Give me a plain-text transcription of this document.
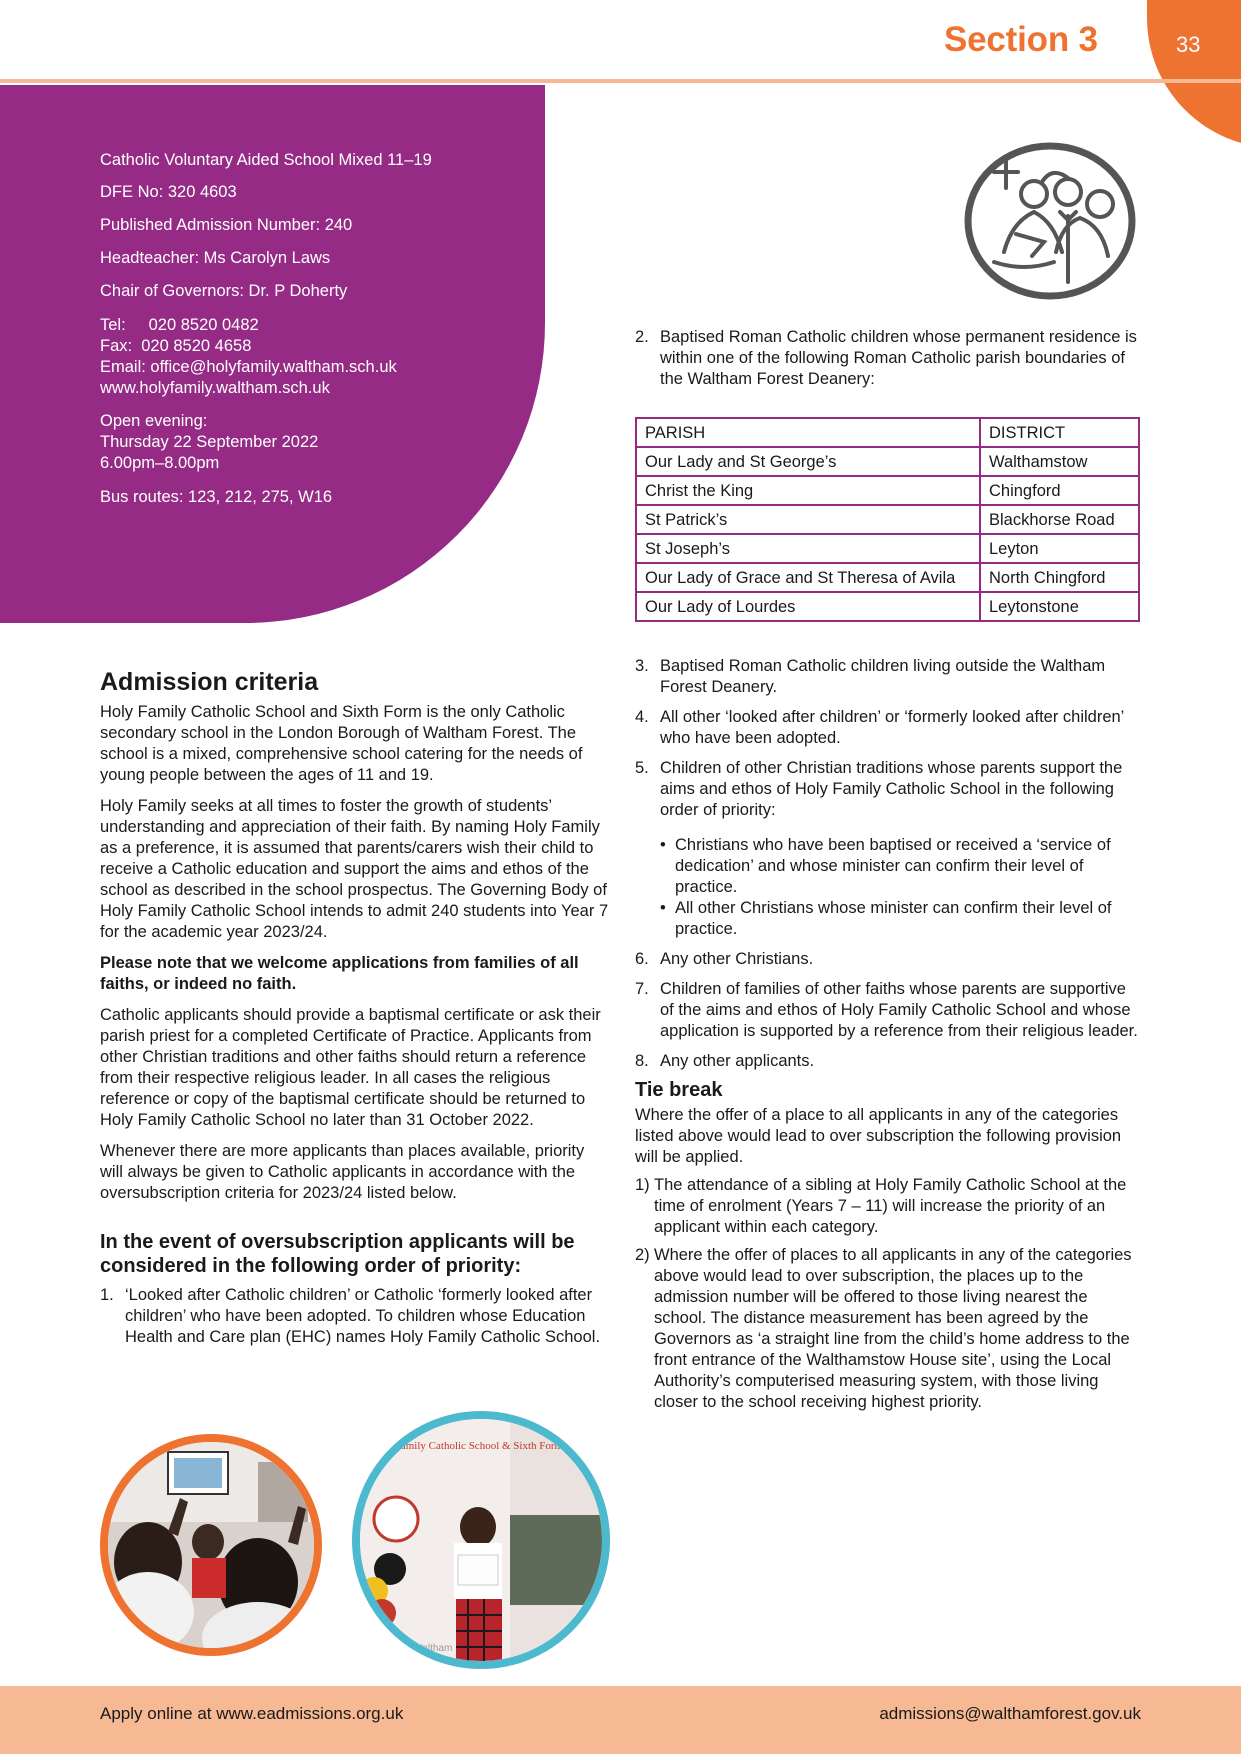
33
Section 3
Catholic Voluntary Aided School Mixed 11–19
DFE No: 320 4603
Published Admission Number: 240
Headteacher: Ms Carolyn Laws
Chair of Governors: Dr. P Doherty
Tel:     020 8520 0482
Fax:  020 8520 4658
Email: office@holyfamily.waltham.sch.uk
www.holyfamily.waltham.sch.uk
Open evening:
Thursday 22 September 2022
6.00pm–8.00pm
Bus routes: 123, 212, 275, W16
Admission criteria

Holy Family Catholic School and Sixth Form is the only Catholic secondary school in the London Borough of Waltham Forest. The school is a mixed, comprehensive school catering for the needs of young people between the ages of 11 and 19.

Holy Family seeks at all times to foster the growth of students’ understanding and appreciation of their faith. By naming Holy Family as a preference, it is assumed that parents/carers wish their child to receive a Catholic education and support the aims and ethos of the school as described in the school prospectus. The Governing Body of Holy Family Catholic School intends to admit 240 students into Year 7 for the academic year 2023/24.

Please note that we welcome applications from families of all faiths, or indeed no faith.

Catholic applicants should provide a baptismal certificate or ask their parish priest for a completed Certificate of Practice. Applicants from other Christian traditions and other faiths should return a reference from their respective religious leader. In all cases the religious reference or copy of the baptismal certificate should be returned to Holy Family Catholic School no later than 31 October 2022.

Whenever there are more applicants than places available, priority will always be given to Catholic applicants in accordance with the oversubscription criteria for 2023/24 listed below.

In the event of oversubscription applicants will be considered in the following order of priority:
1. ‘Looked after Catholic children’ or Catholic ‘formerly looked after children’ who have been adopted. To children whose Education Health and Care plan (EHC) names Holy Family Catholic School.
2. Baptised Roman Catholic children whose permanent residence is within one of the following Roman Catholic parish boundaries of the Waltham Forest Deanery:
PARISH	DISTRICT
Our Lady and St George’s	Walthamstow
Christ the King	Chingford
St Patrick’s	Blackhorse Road
St Joseph’s	Leyton
Our Lady of Grace and St Theresa of Avila	North Chingford
Our Lady of Lourdes	Leytonstone
3. Baptised Roman Catholic children living outside the Waltham Forest Deanery.
4. All other ‘looked after children’ or ‘formerly looked after children’ who have been adopted.
5. Children of other Christian traditions whose parents support the aims and ethos of Holy Family Catholic School in the following order of priority:
• Christians who have been baptised or received a ‘service of dedication’ and whose minister can confirm their level of practice.
• All other Christians whose minister can confirm their level of practice.
6. Any other Christians.
7. Children of families of other faiths whose parents are supportive of the aims and ethos of Holy Family Catholic School and whose application is supported by a reference from their religious leader.
8. Any other applicants.
Tie break

Where the offer of a place to all applicants in any of the categories listed above would lead to over subscription the following provision will be applied.

1) The attendance of a sibling at Holy Family Catholic School at the time of enrolment (Years 7 – 11) will increase the priority of an applicant within each category.
2) Where the offer of places to all applicants in any of the categories above would lead to over subscription, the places up to the admission number will be offered to those living nearest the school. The distance measurement has been agreed by the Governors as ‘a straight line from the child’s home address to the front entrance of the Walthamstow House site’, using the Local Authority’s computerised measuring system, with those living closer to the school receiving highest priority.
Holy Family Catholic School & Sixth Form
HFCSWaltham
Apply online at www.eadmissions.org.uk	admissions@walthamforest.gov.uk
